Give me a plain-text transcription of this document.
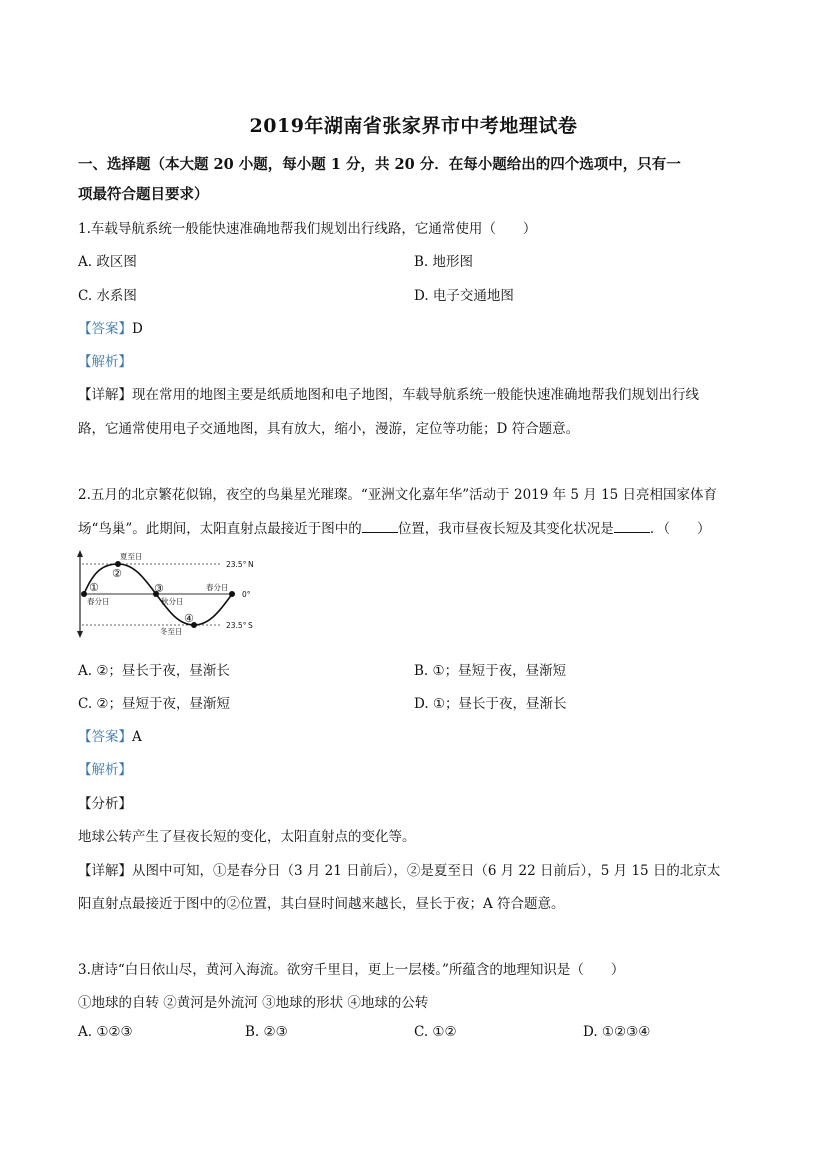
2019年湖南省张家界市中考地理试卷
一、选择题（本大题 20 小题，每小题 1 分，共 20 分．在每小题给出的四个选项中，只有一
项最符合题目要求）
1.车载导航系统一般能快速准确地帮我们规划出行线路，它通常使用（　　）
A. 政区图	B. 地形图
C. 水系图	D. 电子交通地图
【答案】D
【解析】
【详解】现在常用的地图主要是纸质地图和电子地图，车载导航系统一般能快速准确地帮我们规划出行线
路，它通常使用电子交通地图，具有放大，缩小，漫游，定位等功能；D 符合题意。
2.五月的北京繁花似锦，夜空的鸟巢星光璀璨。“亚洲文化嘉年华”活动于 2019 年 5 月 15 日亮相国家体育
场“鸟巢”。此期间，太阳直射点最接近于图中的	位置，我市昼夜长短及其变化状况是	．（　　）
夏至日
②
①
春分日
③
秋分日
春分日
④
冬至日
23.5° N
0°
23.5° S
A. ②；昼长于夜，昼渐长	B. ①；昼短于夜，昼渐短
C. ②；昼短于夜，昼渐短	D. ①；昼长于夜，昼渐长
【答案】A
【解析】
【分析】
地球公转产生了昼夜长短的变化，太阳直射点的变化等。
【详解】从图中可知，①是春分日（3 月 21 日前后），②是夏至日（6 月 22 日前后），5 月 15 日的北京太
阳直射点最接近于图中的②位置，其白昼时间越来越长，昼长于夜；A 符合题意。
3.唐诗“白日依山尽，黄河入海流。欲穷千里目，更上一层楼。”所蕴含的地理知识是（　　）
①地球的自转 ②黄河是外流河 ③地球的形状 ④地球的公转
A. ①②③	B. ②③	C. ①②	D. ①②③④
